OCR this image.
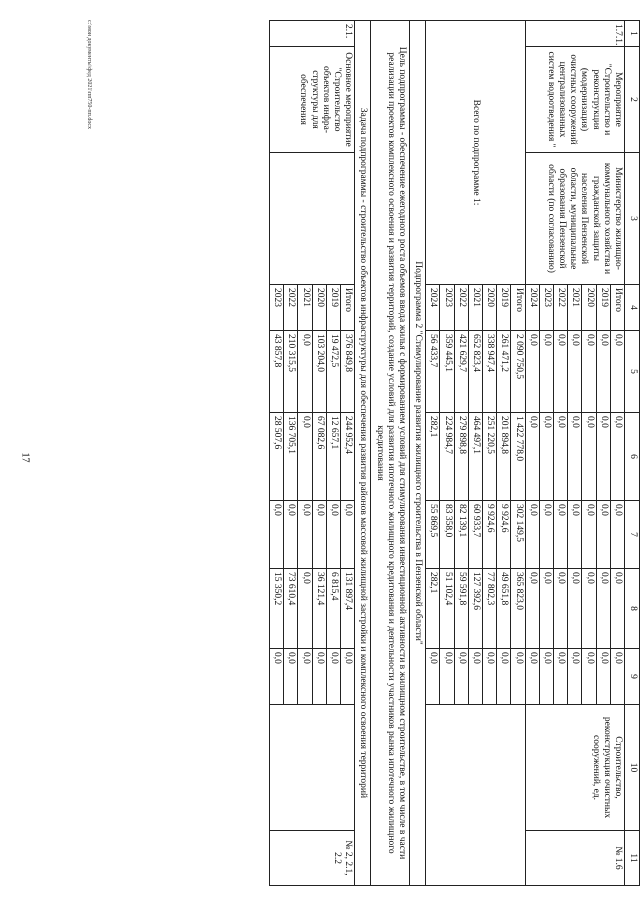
17
1	2	3	4	5	6	7	8	9	10	11
1.7.1.	Мероприятие "Строительство и реконструкция (модернизация) очистных сооружений централизованных систем водоотведения "	Министерство жилищно-коммунального хозяйства и гражданской защиты населения Пензенской области, муниципальные образования Пензенской области (по согласованию)	Итого	0,0	0,0	0,0	0,0	0,0	Строительство, реконструкция очистных сооружений, ед.	№ 1.6
			2019	0,0	0,0	0,0	0,0	0,0		
			2020	0,0	0,0	0,0	0,0	0,0		
			2021	0,0	0,0	0,0	0,0	0,0		
			2022	0,0	0,0	0,0	0,0	0,0		
			2023	0,0	0,0	0,0	0,0	0,0		
			2024	0,0	0,0	0,0	0,0	0,0		
Всего по подпрограмме 1:			Итого	2 090 750,5	1 422 778,0	302 149,5	365 823,0	0,0		
			2019	261 471,2	201 894,8	9 924,6	49 651,8	0,0		
			2020	338 947,4	251 220,5	9 924,6	77 802,3	0,0		
			2021	652 823,4	464 497,1	60 933,7	127 392,6	0,0		
			2022	421 629,7	279 898,8	82 139,1	59 591,8	0,0		
			2023	359 445,1	224 984,7	83 358,0	51 102,4	0,0		
			2024	56 433,7	282,1	55 869,5	282,1	0,0		
Подпрограмма 2 "Стимулирование развития жилищного строительства в Пензенской области"										
Цель подпрограммы - обеспечение ежегодного роста объемов ввода жилья с формированием условий для стимулирования инвестиционной активности в жилищном строительстве, в том числе в части реализации проектов комплексного освоения и развития территорий, создание условий для развития ипотечного жилищного кредитования и деятельности участников рынка ипотечного жилищного кредитования										
Задача подпрограммы - строительство объектов инфраструктуры для обеспечения развития районов массовой жилищной застройки и комплексного освоения территорий										
2.1.	Основное мероприятие "Строительство объектов инфра-структуры для обеспечения		Итого	376 849,8	244 952,4	0,0	131 897,4	0,0		№ 2, 2.1, 2.2
			2019	19 472,5	12 657,1	0,0	6 815,4	0,0		
			2020	103 204,0	67 082,6	0,0	36 121,4	0,0		
			2021	0,0	0,0	0,0	0,0	0,0		
			2022	210 315,5	136 705,1	0,0	73 610,4	0,0		
			2023	43 857,8	28 507,6	0,0	15 350,2	0,0		
c:\мои документы\фед 2021\пп750-пп.docx
